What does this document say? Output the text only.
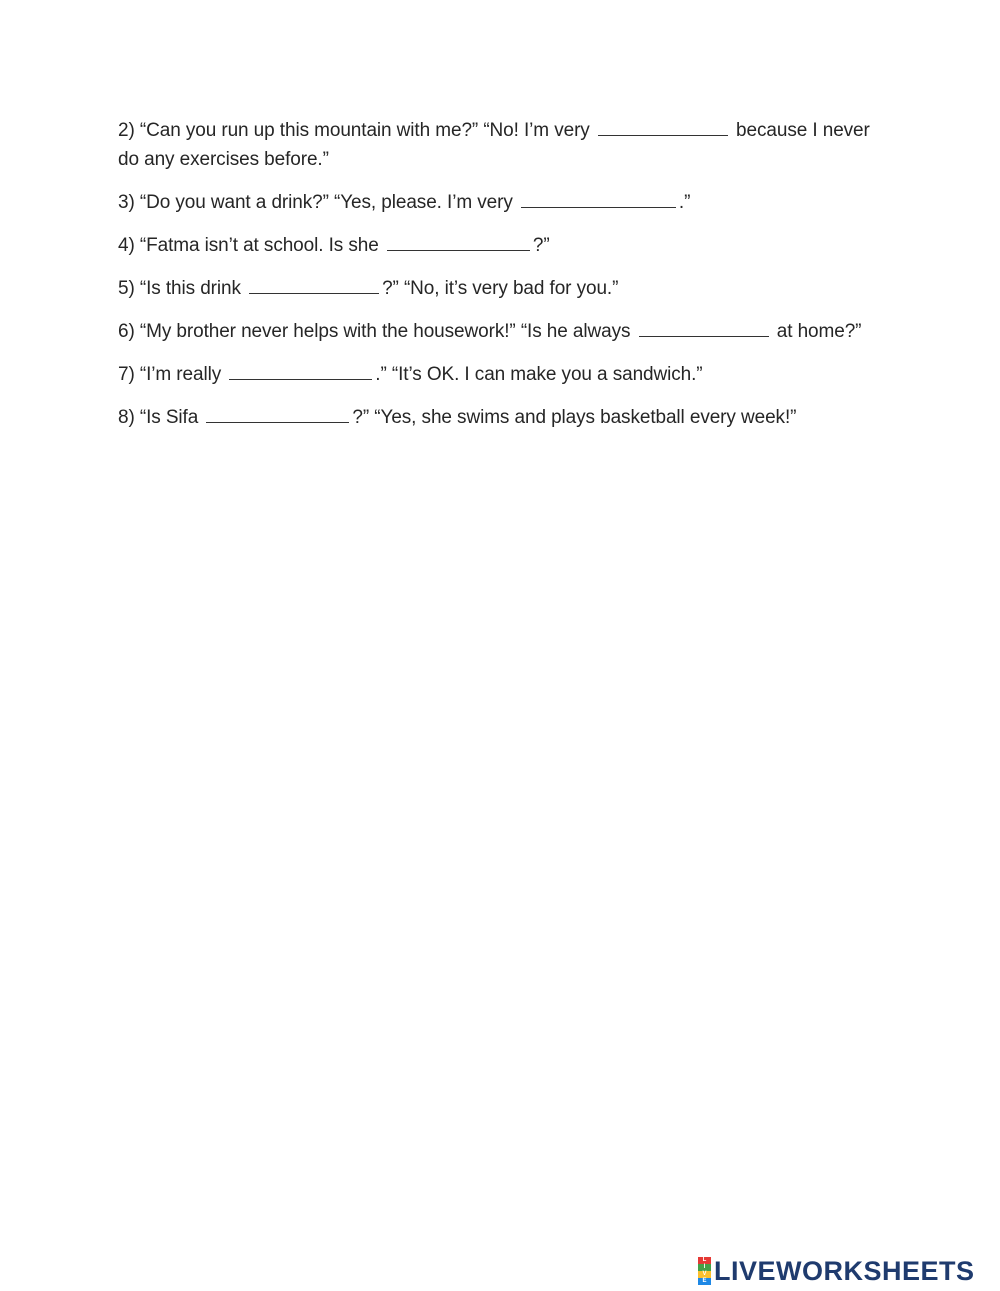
2) “Can you run up this mountain with me?” “No! I’m very	because I never do any exercises before.”

3) “Do you want a drink?” “Yes, please. I’m very	.”

4) “Fatma isn’t at school. Is she	?”

5) “Is this drink	?” “No, it’s very bad for you.”

6) “My brother never helps with the housework!” “Is he always	at home?”

7) “I’m really	.” “It’s OK. I can make you a sandwich.”

8) “Is Sifa	?” “Yes, she swims and plays basketball every week!”

L
I
V
E LIVEWORKSHEETS
